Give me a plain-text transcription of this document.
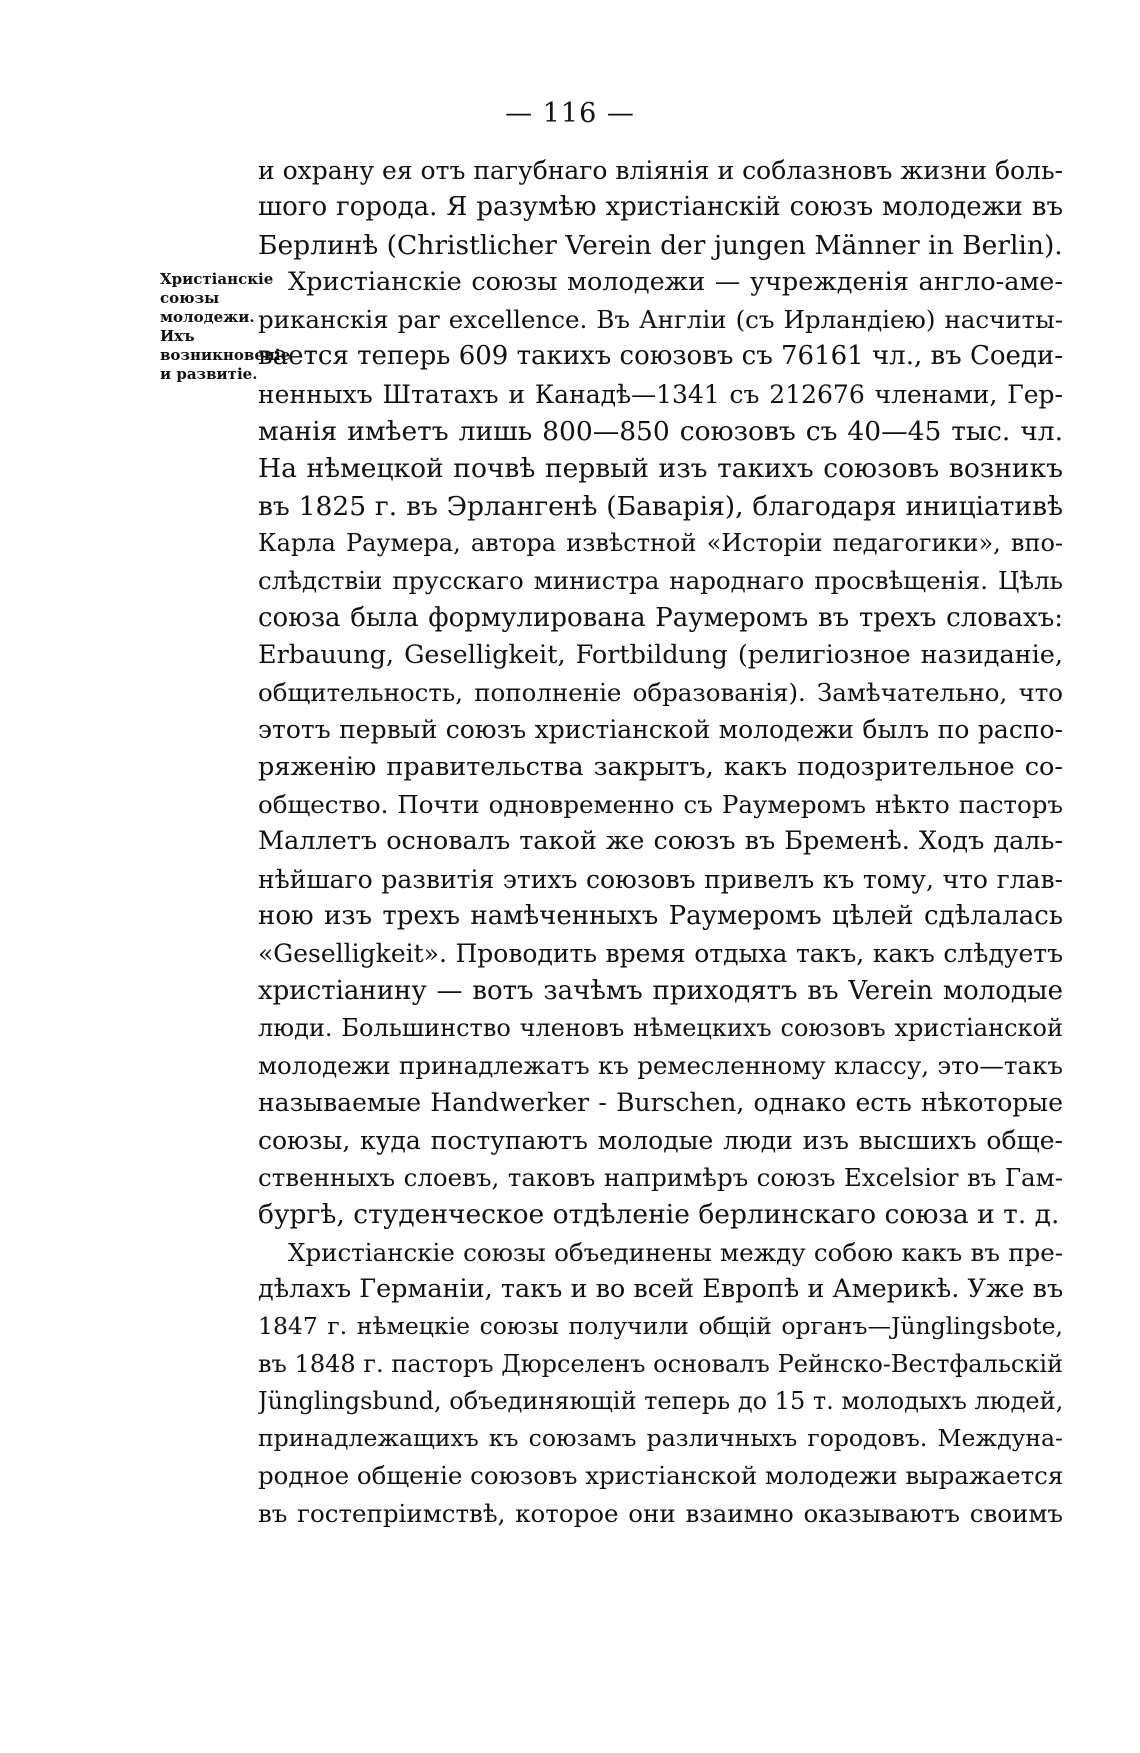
— 116 —
Христіанскіе союзы молодежи. Ихъ возникновеніе и развитіе.
и охрану ея отъ пагубнаго вліянія и соблазновъ жизни боль-
шого города. Я разумѣю христіанскій союзъ молодежи въ
Берлинѣ (Christlicher Verein der jungen Männer in Berlin).
Христіанскіе союзы молодежи — учрежденія англо-аме-
риканскія par excellence. Въ Англіи (съ Ирландіею) насчиты-
вается теперь 609 такихъ союзовъ съ 76161 чл., въ Соеди-
ненныхъ Штатахъ и Канадѣ—1341 съ 212676 членами, Гер-
манія имѣетъ лишь 800—850 союзовъ съ 40—45 тыс. чл.
На нѣмецкой почвѣ первый изъ такихъ союзовъ возникъ
въ 1825 г. въ Эрлангенѣ (Баварія), благодаря иниціативѣ
Карла Раумера, автора извѣстной «Исторіи педагогики», впо-
слѣдствіи прусскаго министра народнаго просвѣщенія. Цѣль
союза была формулирована Раумеромъ въ трехъ словахъ:
Erbauung, Geselligkeit, Fortbildung (религіозное назиданіе,
общительность, пополненіе образованія). Замѣчательно, что
этотъ первый союзъ христіанской молодежи былъ по распо-
ряженію правительства закрытъ, какъ подозрительное со-
общество. Почти одновременно съ Раумеромъ нѣкто пасторъ
Маллетъ основалъ такой же союзъ въ Бременѣ. Ходъ даль-
нѣйшаго развитія этихъ союзовъ привелъ къ тому, что глав-
ною изъ трехъ намѣченныхъ Раумеромъ цѣлей сдѣлалась
«Geselligkeit». Проводить время отдыха такъ, какъ слѣдуетъ
христіанину — вотъ зачѣмъ приходятъ въ Verein молодые
люди. Большинство членовъ нѣмецкихъ союзовъ христіанской
молодежи принадлежатъ къ ремесленному классу, это—такъ
называемые Handwerker - Burschen, однако есть нѣкоторые
союзы, куда поступаютъ молодые люди изъ высшихъ обще-
ственныхъ слоевъ, таковъ напримѣръ союзъ Excelsior въ Гам-
бургѣ, студенческое отдѣленіе берлинскаго союза и т. д.
Христіанскіе союзы объединены между собою какъ въ пре-
дѣлахъ Германіи, такъ и во всей Европѣ и Америкѣ. Уже въ
1847 г. нѣмецкіе союзы получили общій органъ—Jünglingsbote,
въ 1848 г. пасторъ Дюрселенъ основалъ Рейнско-Вестфальскій
Jünglingsbund, объединяющій теперь до 15 т. молодыхъ людей,
принадлежащихъ къ союзамъ различныхъ городовъ. Междуна-
родное общеніе союзовъ христіанской молодежи выражается
въ гостепріимствѣ, которое они взаимно оказываютъ своимъ
